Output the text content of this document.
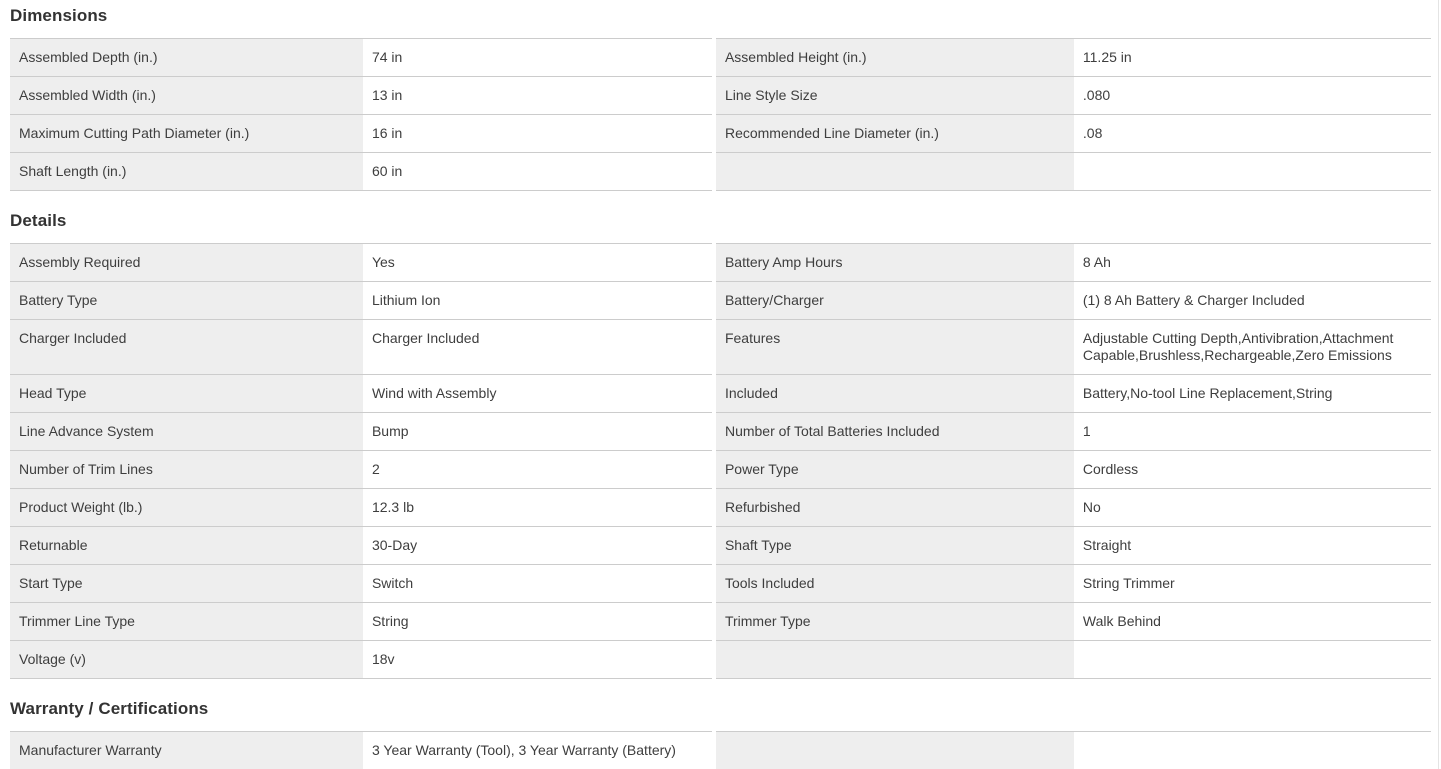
Dimensions
Assembled Depth (in.)	74 in		Assembled Height (in.)	11.25 in
Assembled Width (in.)	13 in		Line Style Size	.080
Maximum Cutting Path Diameter (in.)	16 in		Recommended Line Diameter (in.)	.08
Shaft Length (in.)	60 in			
Details
Assembly Required	Yes		Battery Amp Hours	8 Ah
Battery Type	Lithium Ion		Battery/Charger	(1) 8 Ah Battery & Charger Included
Charger Included	Charger Included		Features	Adjustable Cutting Depth,Antivibration,Attachment Capable,Brushless,Rechargeable,Zero Emissions
Head Type	Wind with Assembly		Included	Battery,No-tool Line Replacement,String
Line Advance System	Bump		Number of Total Batteries Included	1
Number of Trim Lines	2		Power Type	Cordless
Product Weight (lb.)	12.3 lb		Refurbished	No
Returnable	30-Day		Shaft Type	Straight
Start Type	Switch		Tools Included	String Trimmer
Trimmer Line Type	String		Trimmer Type	Walk Behind
Voltage (v)	18v			
Warranty / Certifications
Manufacturer Warranty	3 Year Warranty (Tool), 3 Year Warranty (Battery)			
